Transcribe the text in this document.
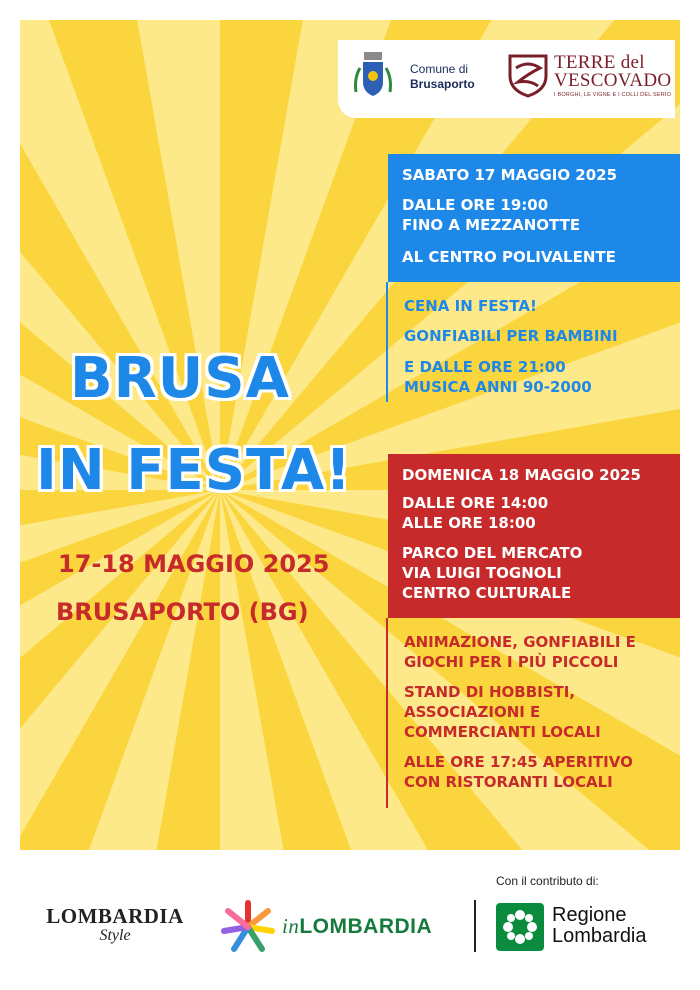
Comune di
Brusaporto
TERRE del
VESCOVADO
I BORGHI, LE VIGNE E I COLLI DEL SERIO
BRUSA
IN FESTA!
17-18 MAGGIO 2025
BRUSAPORTO (BG)
SABATO 17 MAGGIO 2025
DALLE ORE 19:00
FINO A MEZZANOTTE
AL CENTRO POLIVALENTE
CENA IN FESTA!
GONFIABILI PER BAMBINI
E DALLE ORE 21:00
MUSICA ANNI 90-2000
DOMENICA 18 MAGGIO 2025
DALLE ORE 14:00
ALLE ORE 18:00
PARCO DEL MERCATO
VIA LUIGI TOGNOLI
CENTRO CULTURALE
ANIMAZIONE, GONFIABILI E
GIOCHI PER I PIÙ PICCOLI
STAND DI HOBBISTI,
ASSOCIAZIONI E
COMMERCIANTI LOCALI
ALLE ORE 17:45 APERITIVO
CON RISTORANTI LOCALI
Con il contributo di:
LOMBARDIA
Style	inLOMBARDIA	Regione
Lombardia
